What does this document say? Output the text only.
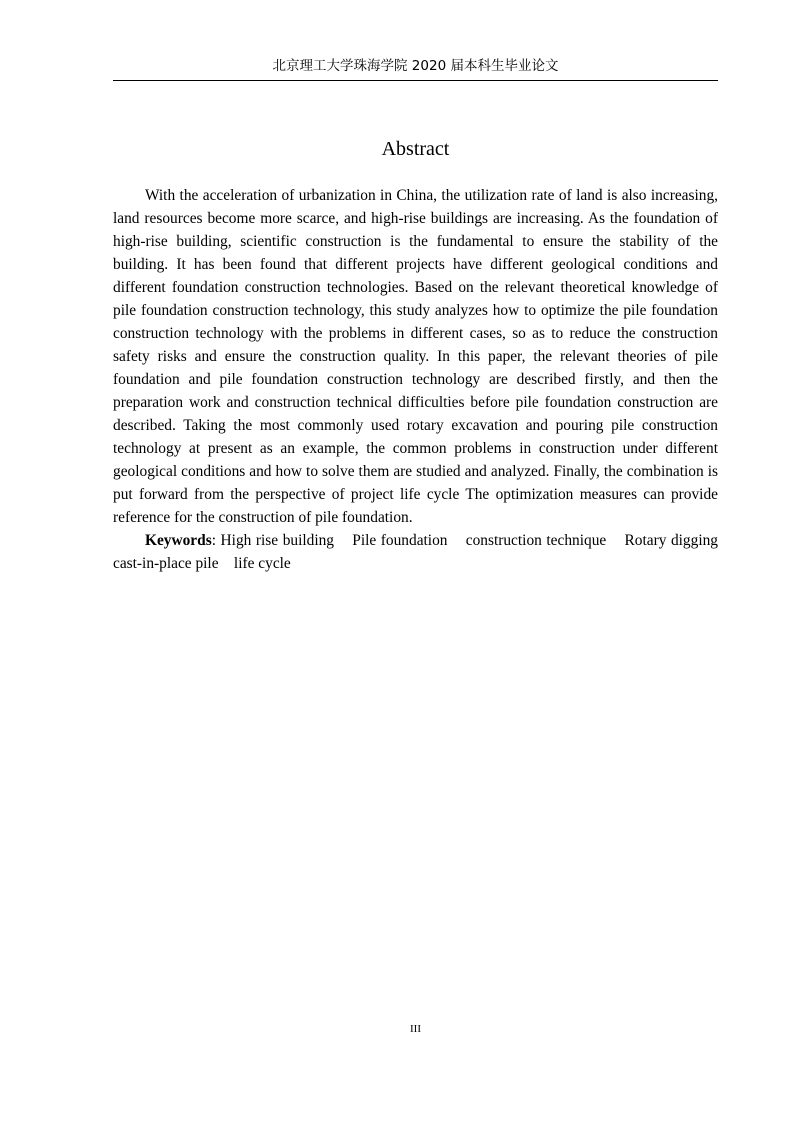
北京理工大学珠海学院 2020 届本科生毕业论文
Abstract

With the acceleration of urbanization in China, the utilization rate of land is also increasing, land resources become more scarce, and high-rise buildings are increasing. As the foundation of high-rise building, scientific construction is the fundamental to ensure the stability of the building. It has been found that different projects have different geological conditions and different foundation construction technologies. Based on the relevant theoretical knowledge of pile foundation construction technology, this study analyzes how to optimize the pile foundation construction technology with the problems in different cases, so as to reduce the construction safety risks and ensure the construction quality. In this paper, the relevant theories of pile foundation and pile foundation construction technology are described firstly, and then the preparation work and construction technical difficulties before pile foundation construction are described. Taking the most commonly used rotary excavation and pouring pile construction technology at present as an example, the common problems in construction under different geological conditions and how to solve them are studied and analyzed. Finally, the combination is put forward from the perspective of project life cycle The optimization measures can provide reference for the construction of pile foundation.

Keywords: High rise building    Pile foundation    construction technique    Rotary digging cast-in-place pile    life cycle

III
